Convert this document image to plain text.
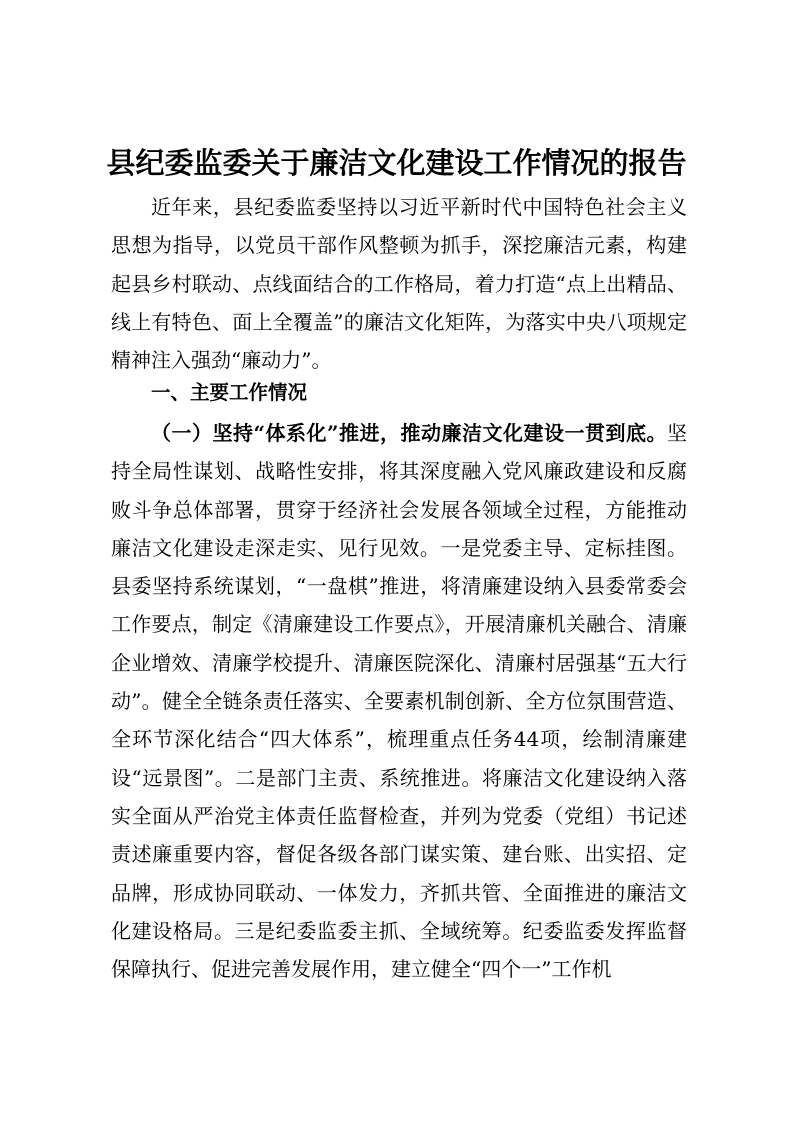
县纪委监委关于廉洁文化建设工作情况的报告

近年来，县纪委监委坚持以习近平新时代中国特色社会主义思想为指导，以党员干部作风整顿为抓手，深挖廉洁元素，构建起县乡村联动、点线面结合的工作格局，着力打造“点上出精品、线上有特色、面上全覆盖”的廉洁文化矩阵，为落实中央八项规定精神注入强劲“廉动力”。

一、主要工作情况

（一）坚持“体系化”推进，推动廉洁文化建设一贯到底。坚持全局性谋划、战略性安排，将其深度融入党风廉政建设和反腐败斗争总体部署，贯穿于经济社会发展各领域全过程，方能推动廉洁文化建设走深走实、见行见效。一是党委主导、定标挂图。县委坚持系统谋划，“一盘棋”推进，将清廉建设纳入县委常委会工作要点，制定《清廉建设工作要点》，开展清廉机关融合、清廉企业增效、清廉学校提升、清廉医院深化、清廉村居强基“五大行动”。健全全链条责任落实、全要素机制创新、全方位氛围营造、全环节深化结合“四大体系”，梳理重点任务44项，绘制清廉建设“远景图”。二是部门主责、系统推进。将廉洁文化建设纳入落实全面从严治党主体责任监督检查，并列为党委（党组）书记述责述廉重要内容，督促各级各部门谋实策、建台账、出实招、定品牌，形成协同联动、一体发力，齐抓共管、全面推进的廉洁文化建设格局。三是纪委监委主抓、全域统筹。纪委监委发挥监督保障执行、促进完善发展作用，建立健全“四个一”工作机
